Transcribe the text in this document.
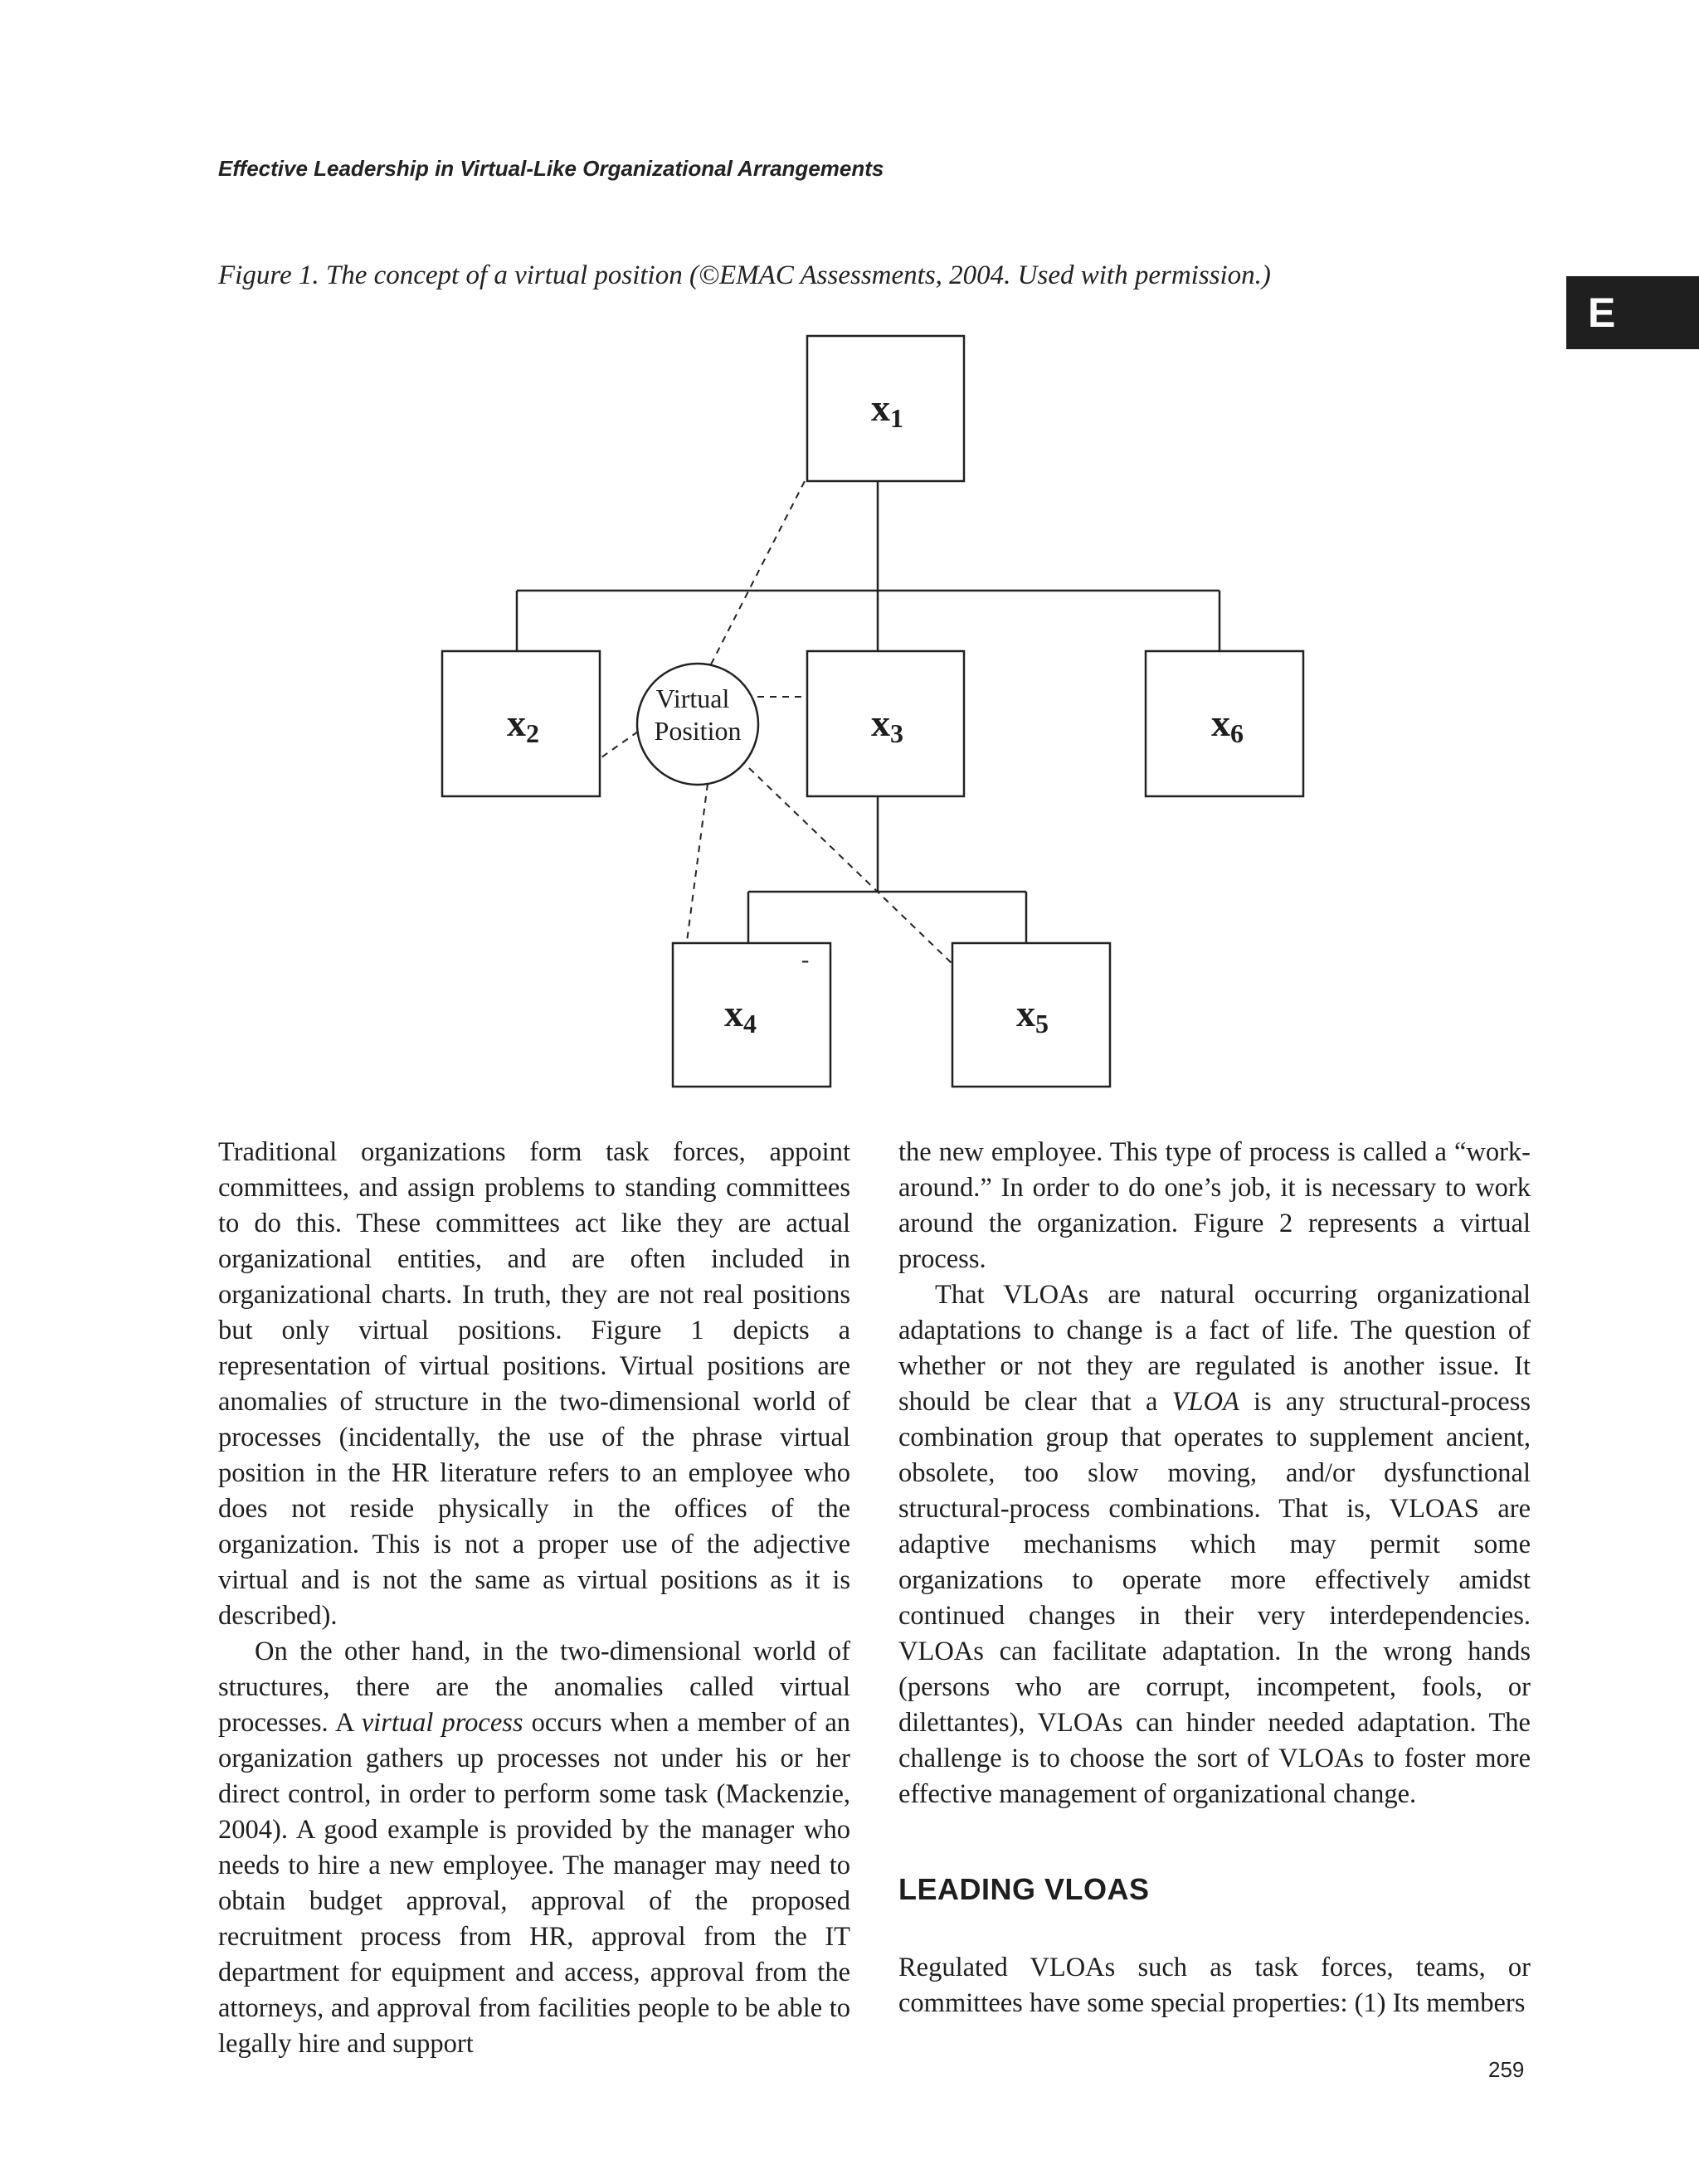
Effective Leadership in Virtual-Like Organizational Arrangements
E
Figure 1. The concept of a virtual position (©EMAC Assessments, 2004. Used with permission.)
x1
x2	x3	x6
x4	x5
Virtual
Position
-

Traditional organizations form task forces, appoint committees, and assign problems to standing committees to do this. These committees act like they are actual organizational entities, and are often included in organizational charts. In truth, they are not real positions but only virtual positions. Figure 1 depicts a representation of virtual positions. Virtual positions are anomalies of structure in the two-dimensional world of processes (incidentally, the use of the phrase virtual position in the HR literature refers to an employee who does not reside physically in the offices of the organization. This is not a proper use of the adjective virtual and is not the same as virtual positions as it is described).

On the other hand, in the two-dimensional world of structures, there are the anomalies called virtual processes. A virtual process occurs when a member of an organization gathers up processes not under his or her direct control, in order to perform some task (Mackenzie, 2004). A good example is provided by the manager who needs to hire a new employee. The manager may need to obtain budget approval, approval of the proposed recruitment process from HR, approval from the IT department for equipment and access, approval from the attorneys, and approval from facilities people to be able to legally hire and support

the new employee. This type of process is called a “work-around.” In order to do one’s job, it is necessary to work around the organization. Figure 2 represents a virtual process.

That VLOAs are natural occurring organizational adaptations to change is a fact of life. The question of whether or not they are regulated is another issue. It should be clear that a VLOA is any structural-process combination group that operates to supplement ancient, obsolete, too slow moving, and/or dysfunctional structural-process combinations. That is, VLOAS are adaptive mechanisms which may permit some organizations to operate more effectively amidst continued changes in their very interdependencies. VLOAs can facilitate adaptation. In the wrong hands (persons who are corrupt, incompetent, fools, or dilettantes), VLOAs can hinder needed adaptation. The challenge is to choose the sort of VLOAs to foster more effective management of organizational change.

LEADING VLOAS

Regulated VLOAs such as task forces, teams, or committees have some special properties: (1) Its members

259
